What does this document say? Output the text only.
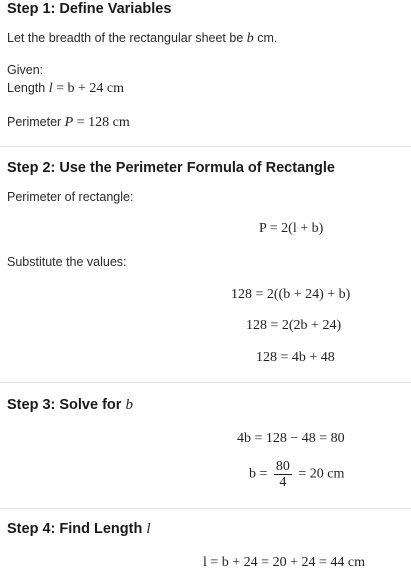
Step 1: Define Variables
Let the breadth of the rectangular sheet be b cm.
Given:
Length l = b + 24 cm
Perimeter P = 128 cm
Step 2: Use the Perimeter Formula of Rectangle
Perimeter of rectangle:
P = 2(l + b)
Substitute the values:
128 = 2((b + 24) + b)
128 = 2(2b + 24)
128 = 4b + 48
Step 3: Solve for b
4b = 128 − 48 = 80
$b = \frac{80}{4} = 20$ cm
Step 4: Find Length l
l = b + 24 = 20 + 24 = 44 cm
